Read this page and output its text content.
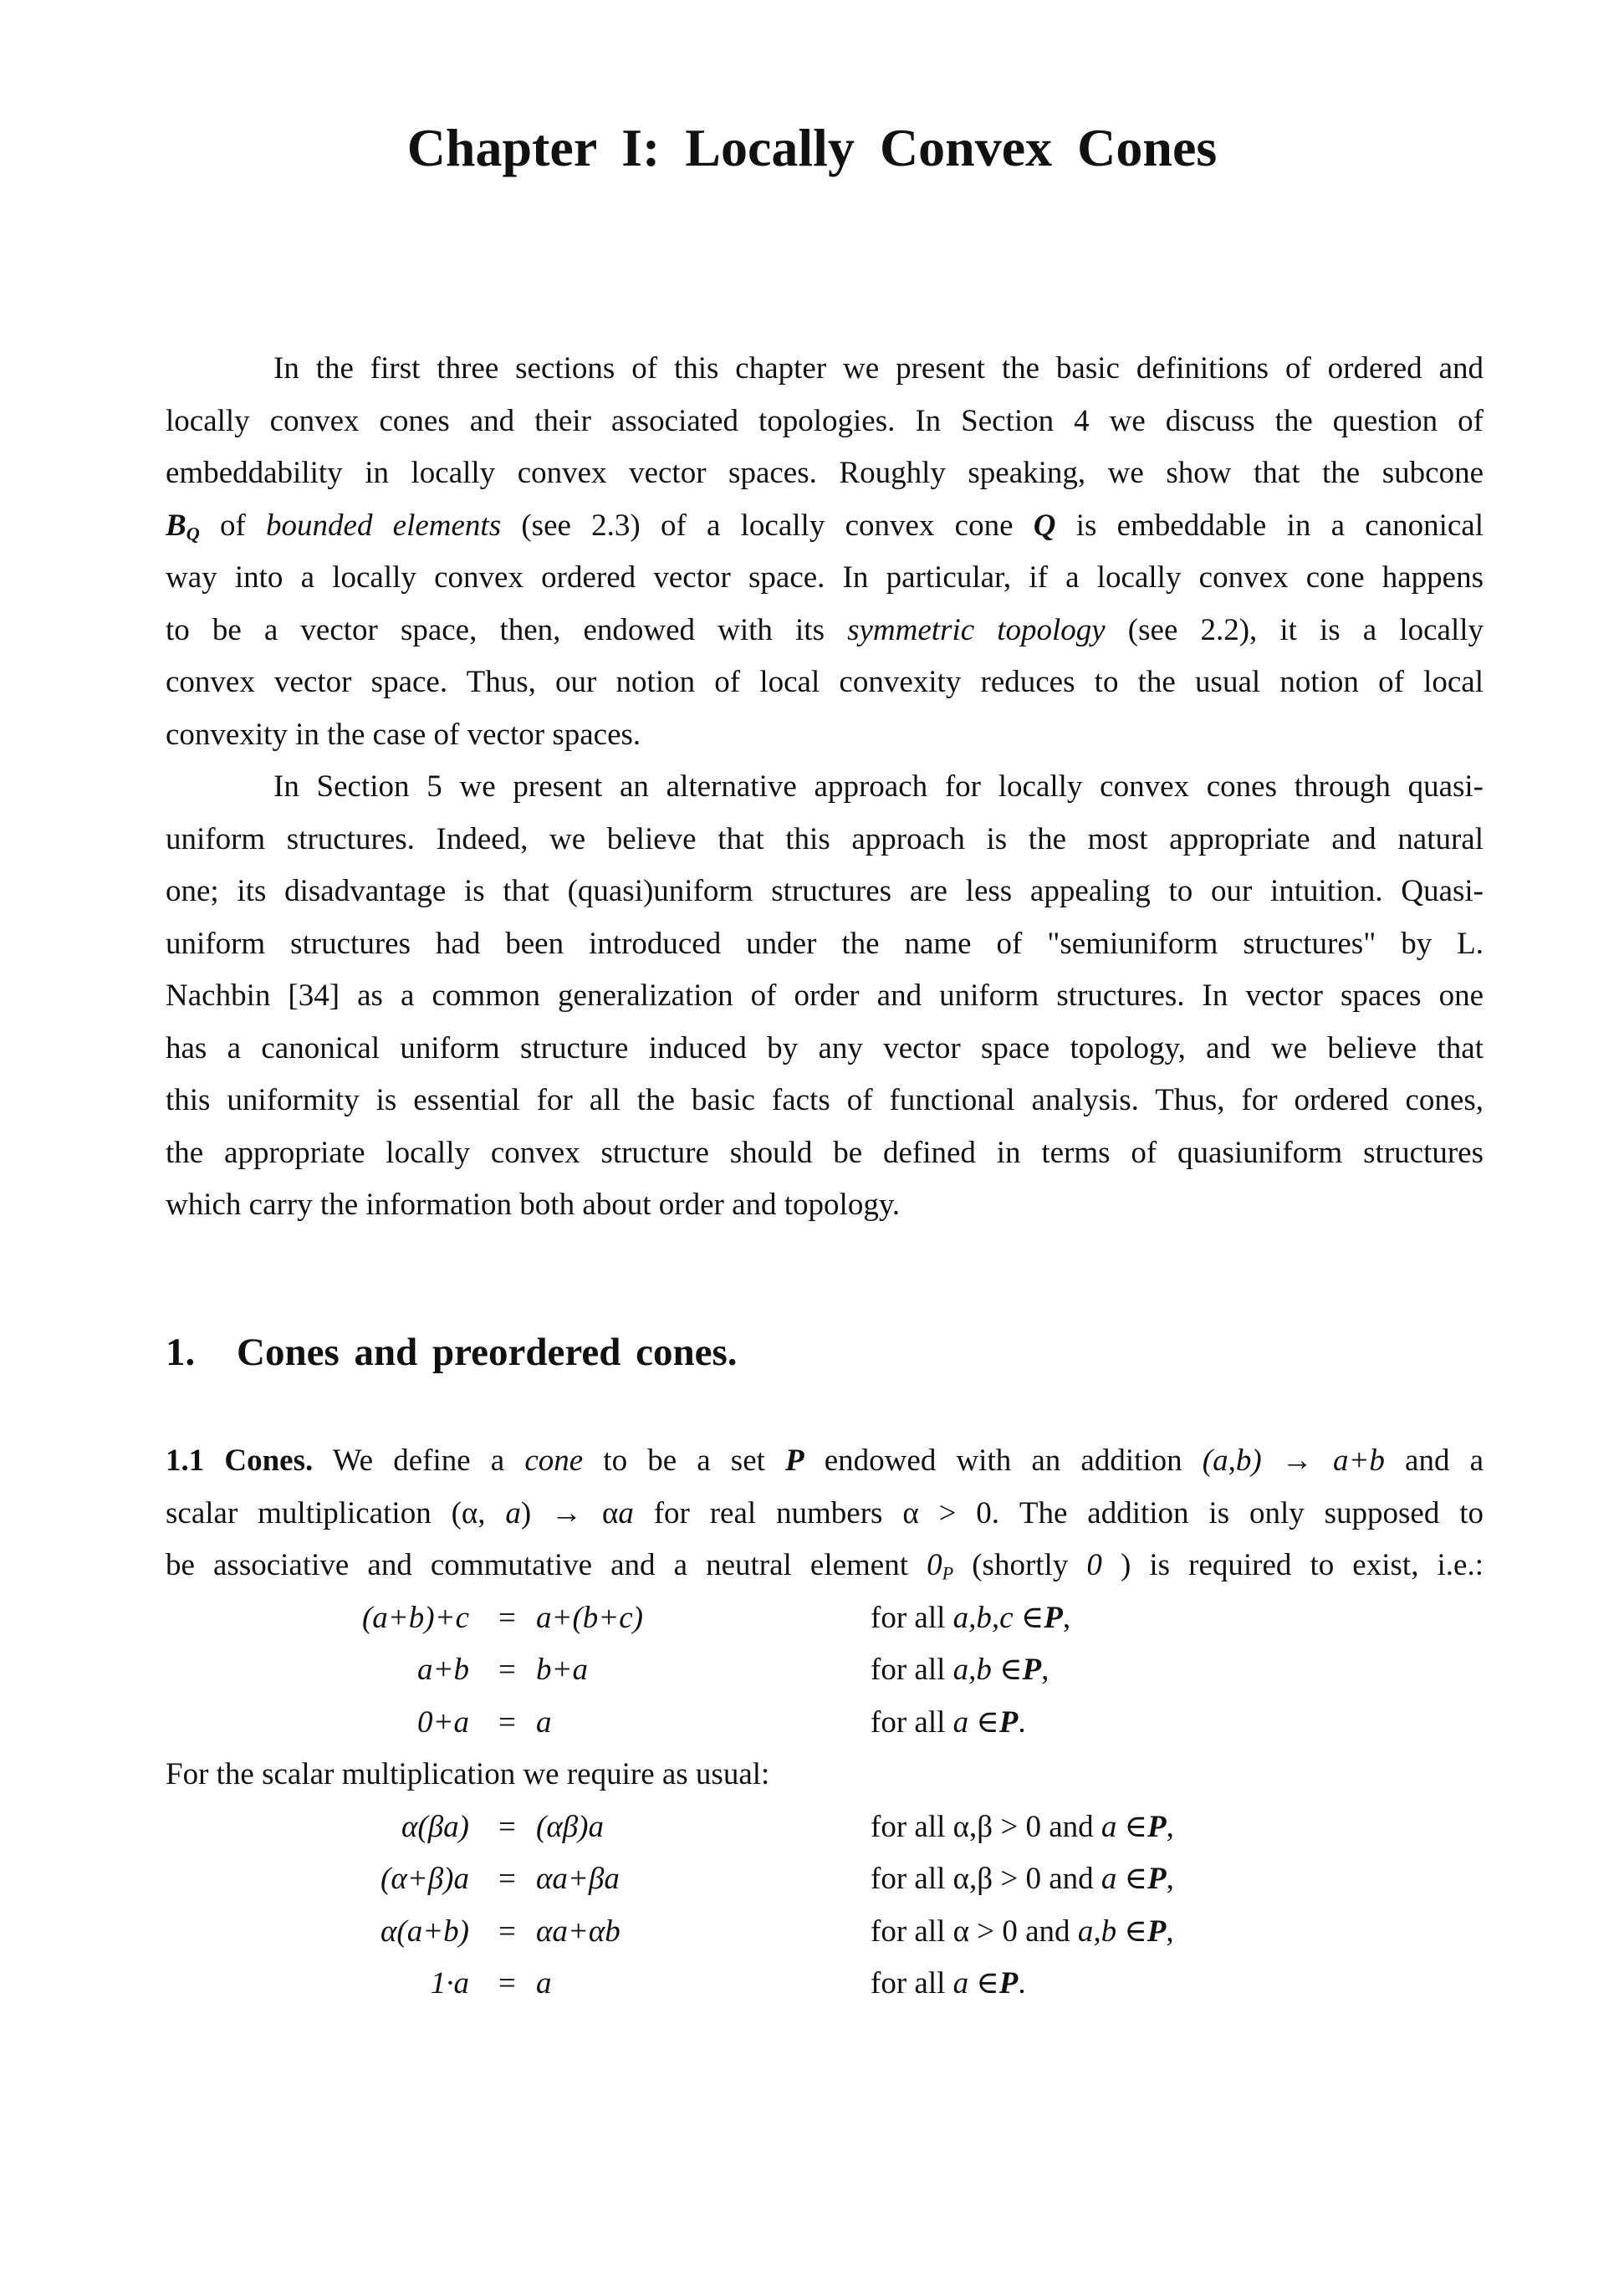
Chapter I: Locally Convex Cones
In the first three sections of this chapter we present the basic definitions of ordered and
locally convex cones and their associated topologies. In Section 4 we discuss the question of
embeddability in locally convex vector spaces. Roughly speaking, we show that the subcone
$B_Q$ of bounded elements (see 2.3) of a locally convex cone Q is embeddable in a canonical
way into a locally convex ordered vector space. In particular, if a locally convex cone happens
to be a vector space, then, endowed with its symmetric topology (see 2.2), it is a locally
convex vector space. Thus, our notion of local convexity reduces to the usual notion of local
convexity in the case of vector spaces.
In Section 5 we present an alternative approach for locally convex cones through quasi-
uniform structures. Indeed, we believe that this approach is the most appropriate and natural
one; its disadvantage is that (quasi)uniform structures are less appealing to our intuition. Quasi-
uniform structures had been introduced under the name of "semiuniform structures" by L.
Nachbin [34] as a common generalization of order and uniform structures. In vector spaces one
has a canonical uniform structure induced by any vector space topology, and we believe that
this uniformity is essential for all the basic facts of functional analysis. Thus, for ordered cones,
the appropriate locally convex structure should be defined in terms of quasiuniform structures
which carry the information both about order and topology.
1. Cones and preordered cones.
1.1 Cones. We define a cone to be a set P endowed with an addition (a,b) → a+b and a
scalar multiplication (α, a) → αa for real numbers α > 0. The addition is only supposed to
be associative and commutative and a neutral element $0_P$ (shortly 0 ) is required to exist, i.e.:
(a+b)+c = a+(b+c)	for all a,b,c ∈P,
a+b = b+a	for all a,b ∈P,
0+a = a	for all a ∈P.
For the scalar multiplication we require as usual:
α(βa) = (αβ)a	for all α,β > 0 and a ∈P,
(α+β)a = αa+βa	for all α,β > 0 and a ∈P,
α(a+b) = αa+αb	for all α > 0 and a,b ∈P,
1·a = a	for all a ∈P.
